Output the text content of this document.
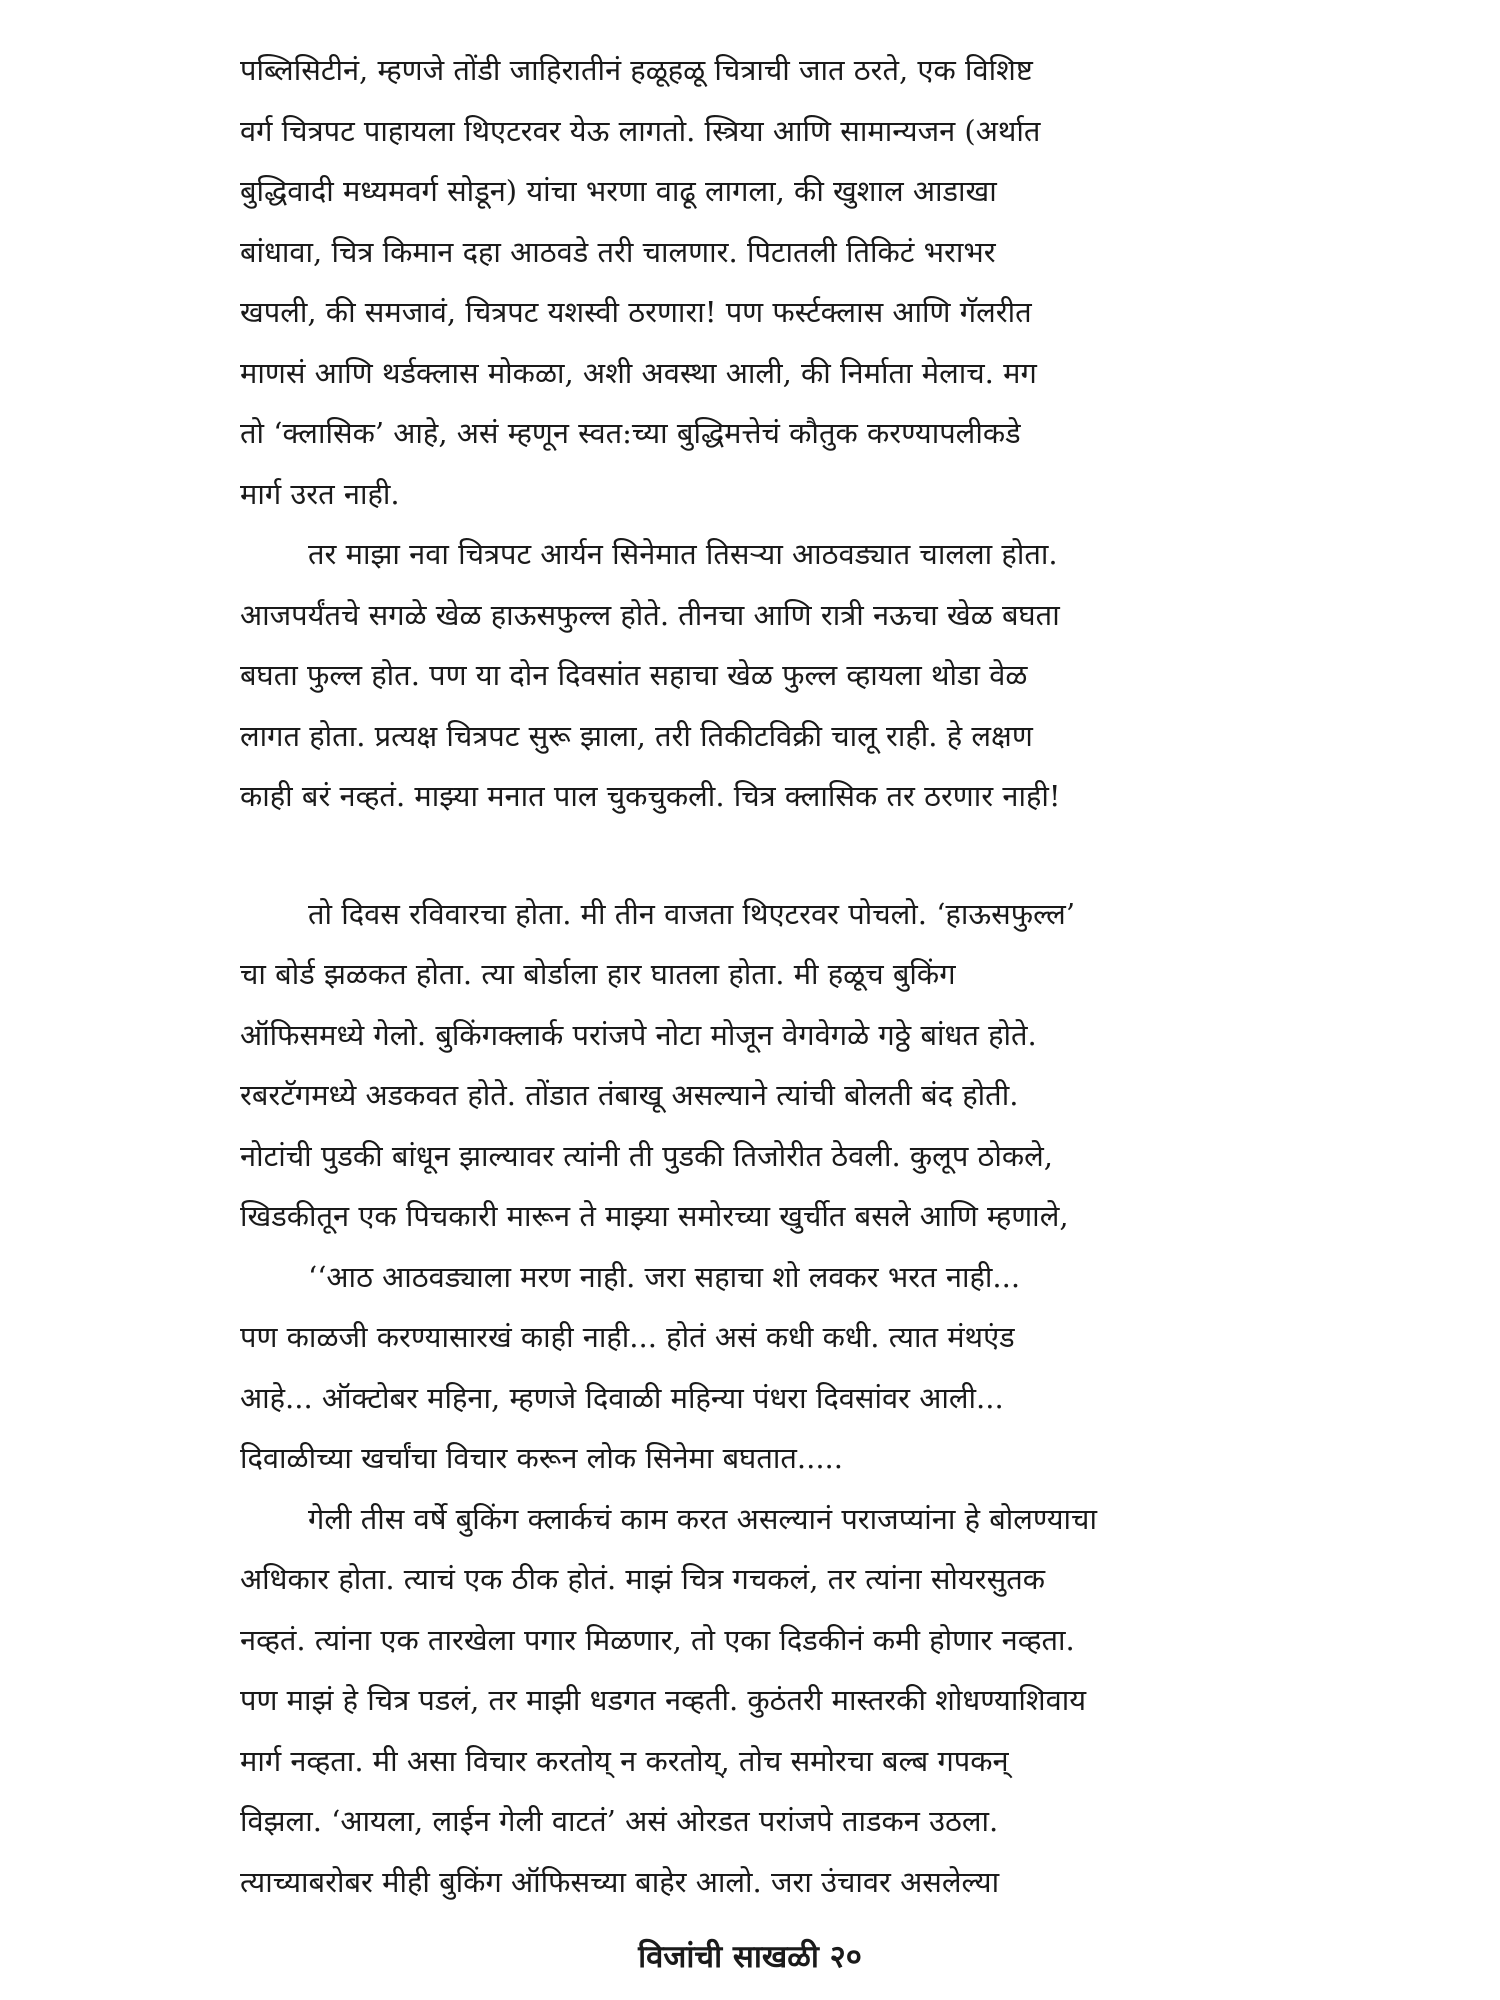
पब्लिसिटीनं, म्हणजे तोंडी जाहिरातीनं हळूहळू चित्राची जात ठरते, एक विशिष्ट
वर्ग चित्रपट पाहायला थिएटरवर येऊ लागतो. स्त्रिया आणि सामान्यजन (अर्थात
बुद्धिवादी मध्यमवर्ग सोडून) यांचा भरणा वाढू लागला, की खुशाल आडाखा
बांधावा, चित्र किमान दहा आठवडे तरी चालणार. पिटातली तिकिटं भराभर
खपली, की समजावं, चित्रपट यशस्वी ठरणारा! पण फर्स्टक्लास आणि गॅलरीत
माणसं आणि थर्डक्लास मोकळा, अशी अवस्था आली, की निर्माता मेलाच. मग
तो ‘क्लासिक’ आहे, असं म्हणून स्वत:च्या बुद्धिमत्तेचं कौतुक करण्यापलीकडे
मार्ग उरत नाही.
तर माझा नवा चित्रपट आर्यन सिनेमात तिसऱ्या आठवड्यात चालला होता.
आजपर्यंतचे सगळे खेळ हाऊसफुल्ल होते. तीनचा आणि रात्री नऊचा खेळ बघता
बघता फुल्ल होत. पण या दोन दिवसांत सहाचा खेळ फुल्ल व्हायला थोडा वेळ
लागत होता. प्रत्यक्ष चित्रपट सुरू झाला, तरी तिकीटविक्री चालू राही. हे लक्षण
काही बरं नव्हतं. माझ्या मनात पाल चुकचुकली. चित्र क्लासिक तर ठरणार नाही!
तो दिवस रविवारचा होता. मी तीन वाजता थिएटरवर पोचलो. ‘हाऊसफुल्ल’
चा बोर्ड झळकत होता. त्या बोर्डाला हार घातला होता. मी हळूच बुकिंग
ऑफिसमध्ये गेलो. बुकिंगक्लार्क परांजपे नोटा मोजून वेगवेगळे गठ्ठे बांधत होते.
रबरटॅगमध्ये अडकवत होते. तोंडात तंबाखू असल्याने त्यांची बोलती बंद होती.
नोटांची पुडकी बांधून झाल्यावर त्यांनी ती पुडकी तिजोरीत ठेवली. कुलूप ठोकले,
खिडकीतून एक पिचकारी मारून ते माझ्या समोरच्या खुर्चीत बसले आणि म्हणाले,
‘‘आठ आठवड्याला मरण नाही. जरा सहाचा शो लवकर भरत नाही...
पण काळजी करण्यासारखं काही नाही... होतं असं कधी कधी. त्यात मंथएंड
आहे... ऑक्टोबर महिना, म्हणजे दिवाळी महिन्या पंधरा दिवसांवर आली...
दिवाळीच्या खर्चांचा विचार करून लोक सिनेमा बघतात.....
गेली तीस वर्षे बुकिंग क्लार्कचं काम करत असल्यानं पराजप्यांना हे बोलण्याचा
अधिकार होता. त्याचं एक ठीक होतं. माझं चित्र गचकलं, तर त्यांना सोयरसुतक
नव्हतं. त्यांना एक तारखेला पगार मिळणार, तो एका दिडकीनं कमी होणार नव्हता.
पण माझं हे चित्र पडलं, तर माझी धडगत नव्हती. कुठंतरी मास्तरकी शोधण्याशिवाय
मार्ग नव्हता. मी असा विचार करतोय् न करतोय्, तोच समोरचा बल्ब गपकन्
विझला. ‘आयला, लाईन गेली वाटतं’ असं ओरडत परांजपे ताडकन उठला.
त्याच्याबरोबर मीही बुकिंग ऑफिसच्या बाहेर आलो. जरा उंचावर असलेल्या
विजांची साखळी २०
